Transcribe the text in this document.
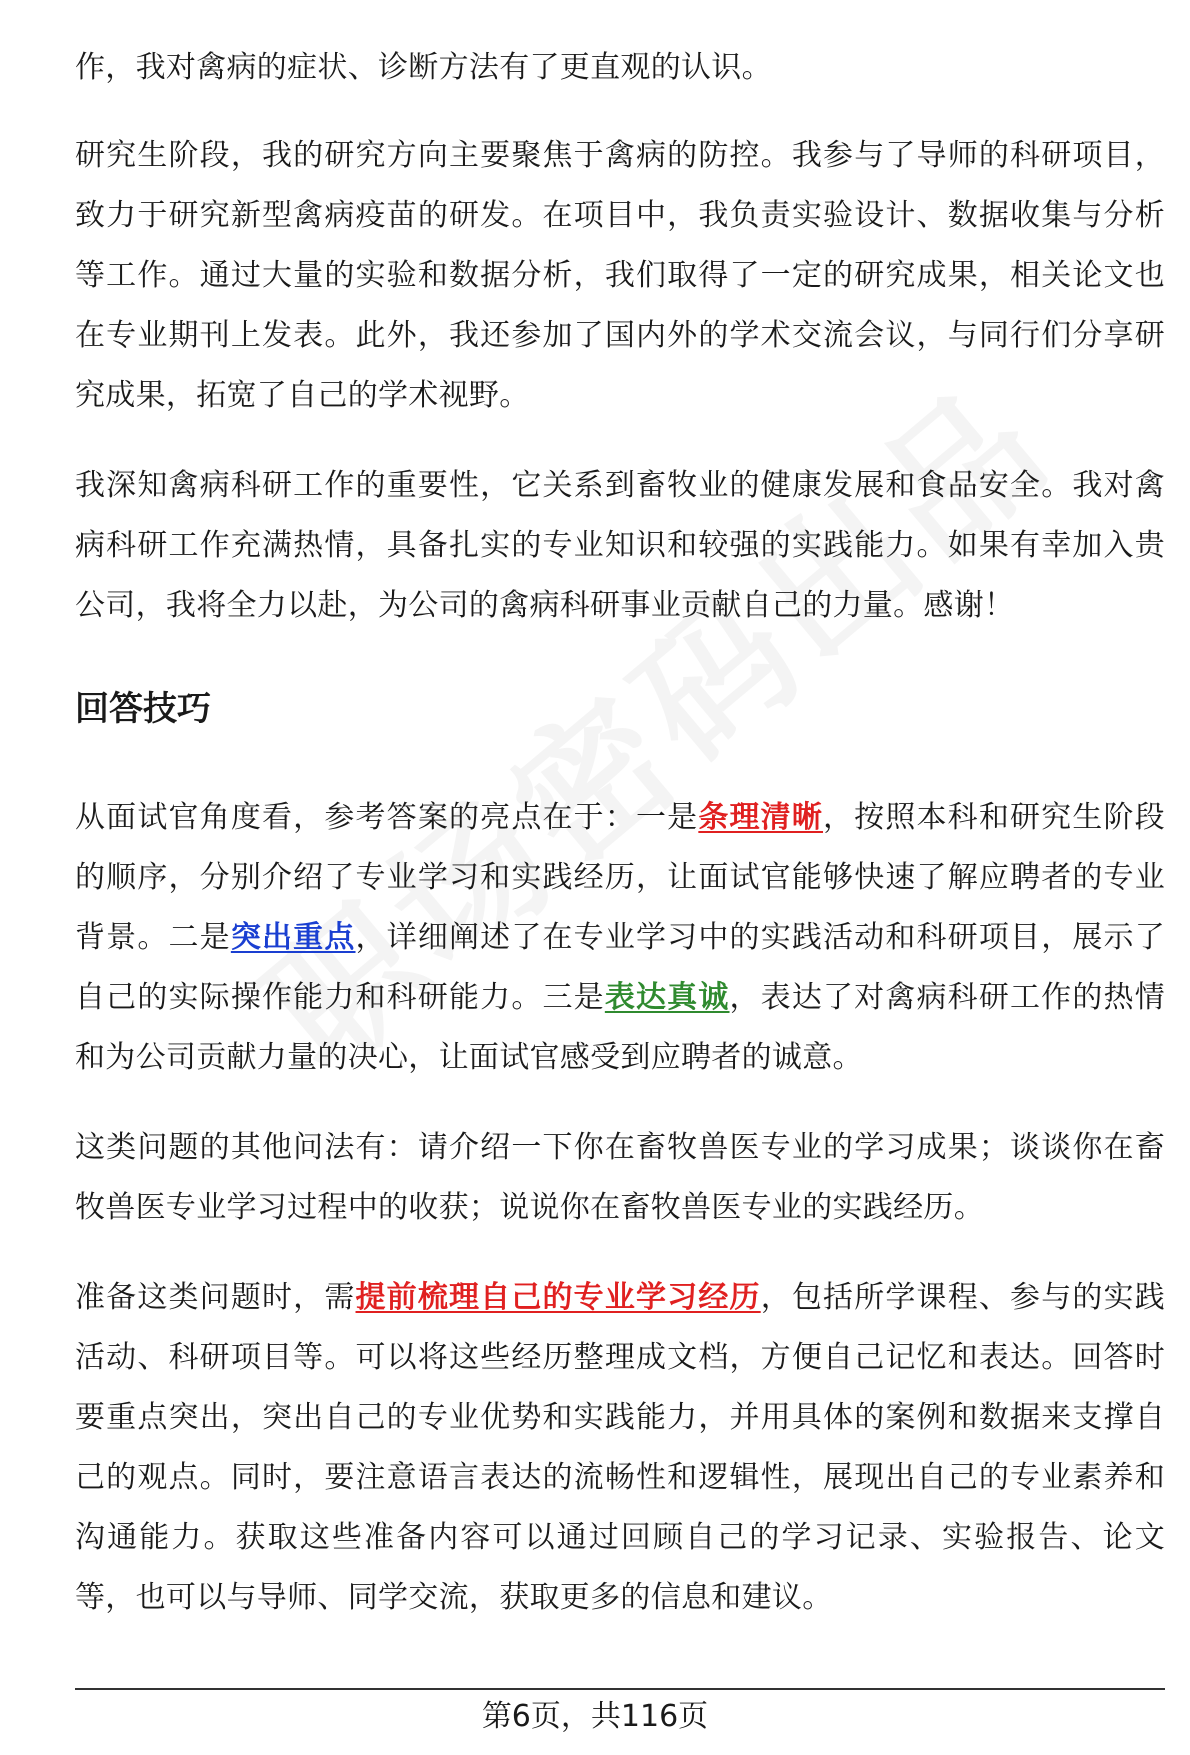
作，我对禽病的症状、诊断方法有了更直观的认识。

研究生阶段，我的研究方向主要聚焦于禽病的防控。我参与了导师的科研项目，致力于研究新型禽病疫苗的研发。在项目中，我负责实验设计、数据收集与分析等工作。通过大量的实验和数据分析，我们取得了一定的研究成果，相关论文也在专业期刊上发表。此外，我还参加了国内外的学术交流会议，与同行们分享研究成果，拓宽了自己的学术视野。

我深知禽病科研工作的重要性，它关系到畜牧业的健康发展和食品安全。我对禽病科研工作充满热情，具备扎实的专业知识和较强的实践能力。如果有幸加入贵公司，我将全力以赴，为公司的禽病科研事业贡献自己的力量。感谢！

回答技巧

从面试官角度看，参考答案的亮点在于：一是条理清晰，按照本科和研究生阶段的顺序，分别介绍了专业学习和实践经历，让面试官能够快速了解应聘者的专业背景。二是突出重点，详细阐述了在专业学习中的实践活动和科研项目，展示了自己的实际操作能力和科研能力。三是表达真诚，表达了对禽病科研工作的热情和为公司贡献力量的决心，让面试官感受到应聘者的诚意。

这类问题的其他问法有：请介绍一下你在畜牧兽医专业的学习成果；谈谈你在畜牧兽医专业学习过程中的收获；说说你在畜牧兽医专业的实践经历。

准备这类问题时，需提前梳理自己的专业学习经历，包括所学课程、参与的实践活动、科研项目等。可以将这些经历整理成文档，方便自己记忆和表达。回答时要重点突出，突出自己的专业优势和实践能力，并用具体的案例和数据来支撑自己的观点。同时，要注意语言表达的流畅性和逻辑性，展现出自己的专业素养和沟通能力。获取这些准备内容可以通过回顾自己的学习记录、实验报告、论文等，也可以与导师、同学交流，获取更多的信息和建议。

第6页，共116页
